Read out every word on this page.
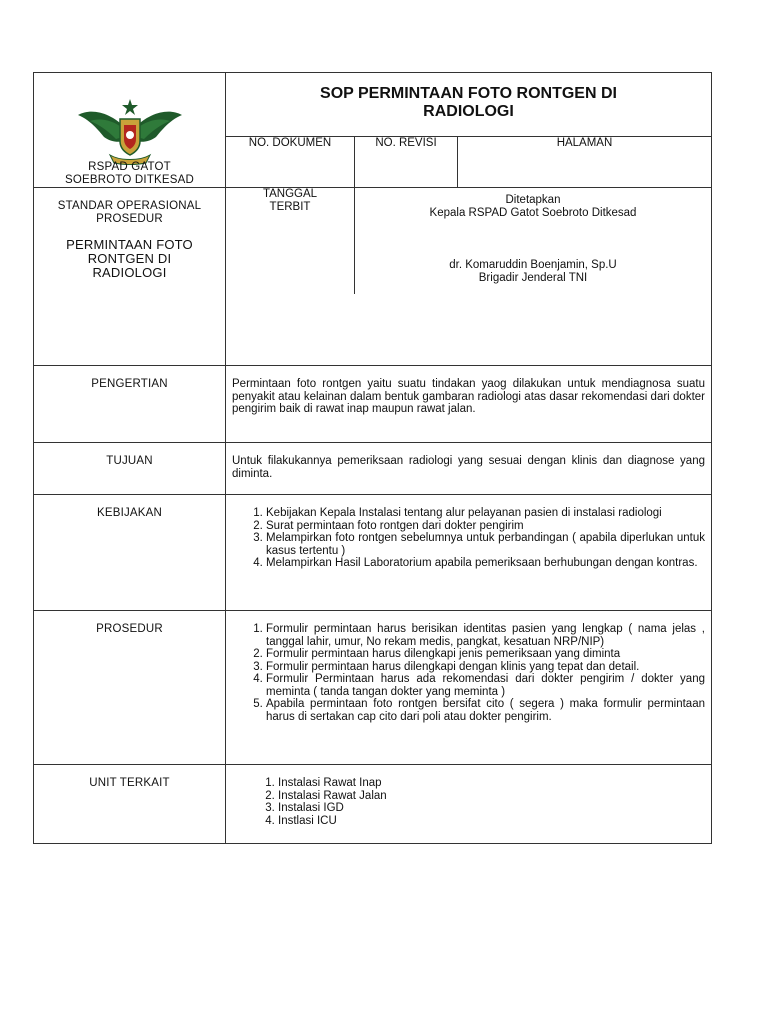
RSPAD GATOT
SOEBROTO DITKESAD
STANDAR OPERASIONAL
PROSEDUR
PERMINTAAN FOTO
RONTGEN DI
RADIOLOGI
SOP PERMINTAAN FOTO RONTGEN DI
RADIOLOGI
NO. DOKUMEN	NO. REVISI	HALAMAN
TANGGAL
TERBIT
Ditetapkan
Kepala RSPAD Gatot Soebroto Ditkesad
dr. Komaruddin Boenjamin, Sp.U
Brigadir Jenderal TNI
PENGERTIAN	Permintaan foto rontgen yaitu suatu tindakan yaog dilakukan untuk mendiagnosa suatu penyakit atau kelainan dalam bentuk gambaran radiologi atas dasar rekomendasi dari dokter pengirim baik di rawat inap maupun rawat jalan.

TUJUAN	Untuk filakukannya pemeriksaan radiologi yang sesuai dengan klinis dan diagnose yang diminta.

KEBIJAKAN	1. Kebijakan Kepala Instalasi tentang alur pelayanan pasien di instalasi radiologi
2. Surat permintaan foto rontgen dari dokter pengirim
3. Melampirkan foto rontgen sebelumnya untuk perbandingan ( apabila diperlukan untuk kasus tertentu )
4. Melampirkan Hasil Laboratorium apabila pemeriksaan berhubungan dengan kontras.
PROSEDUR	1. Formulir permintaan harus berisikan identitas pasien yang lengkap ( nama jelas , tanggal lahir, umur, No rekam medis, pangkat, kesatuan NRP/NIP)
2. Formulir permintaan harus dilengkapi jenis pemeriksaan yang diminta
3. Formulir permintaan harus dilengkapi dengan klinis yang tepat dan detail.
4. Formulir Permintaan harus ada rekomendasi dari dokter pengirim / dokter yang meminta ( tanda tangan dokter yang meminta )
5. Apabila permintaan foto rontgen bersifat cito ( segera ) maka formulir permintaan harus di sertakan cap cito dari poli atau dokter pengirim.
UNIT TERKAIT	1. Instalasi Rawat Inap
2. Instalasi Rawat Jalan
3. Instalasi IGD
4. Instlasi ICU
